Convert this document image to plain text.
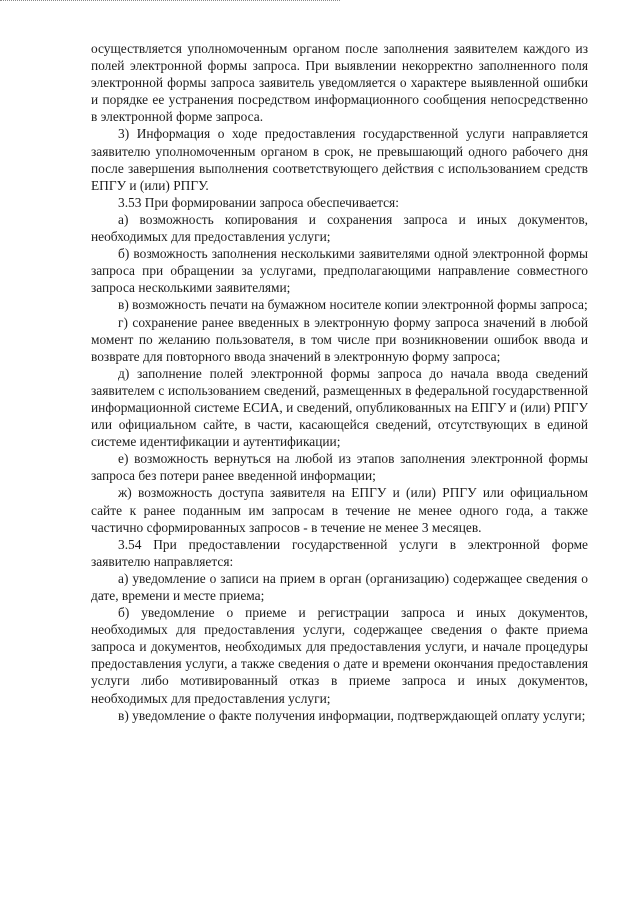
осуществляется уполномоченным органом после заполнения заявителем каждого из полей электронной формы запроса. При выявлении некорректно заполненного поля электронной формы запроса заявитель уведомляется о характере выявленной ошибки и порядке ее устранения посредством информационного сообщения непосредственно в электронной форме запроса.

3) Информация о ходе предоставления государственной услуги направляется заявителю уполномоченным органом в срок, не превышающий одного рабочего дня после завершения выполнения соответствующего действия с использованием средств ЕПГУ и (или) РПГУ.

3.53 При формировании запроса обеспечивается:

а) возможность копирования и сохранения запроса и иных документов, необходимых для предоставления услуги;

б) возможность заполнения несколькими заявителями одной электронной формы запроса при обращении за услугами, предполагающими направление совместного запроса несколькими заявителями;

в) возможность печати на бумажном носителе копии электронной формы запроса;

г) сохранение ранее введенных в электронную форму запроса значений в любой момент по желанию пользователя, в том числе при возникновении ошибок ввода и возврате для повторного ввода значений в электронную форму запроса;

д) заполнение полей электронной формы запроса до начала ввода сведений заявителем с использованием сведений, размещенных в федеральной государственной информационной системе ЕСИА, и сведений, опубликованных на ЕПГУ и (или) РПГУ или официальном сайте, в части, касающейся сведений, отсутствующих в единой системе идентификации и аутентификации;

е) возможность вернуться на любой из этапов заполнения электронной формы запроса без потери ранее введенной информации;

ж) возможность доступа заявителя на ЕПГУ и (или) РПГУ или официальном сайте к ранее поданным им запросам в течение не менее одного года, а также частично сформированных запросов - в течение не менее 3 месяцев.

3.54 При предоставлении государственной услуги в электронной форме заявителю направляется:

а) уведомление о записи на прием в орган (организацию) содержащее сведения о дате, времени и месте приема;

б) уведомление о приеме и регистрации запроса и иных документов, необходимых для предоставления услуги, содержащее сведения о факте приема запроса и документов, необходимых для предоставления услуги, и начале процедуры предоставления услуги, а также сведения о дате и времени окончания предоставления услуги либо мотивированный отказ в приеме запроса и иных документов, необходимых для предоставления услуги;

в) уведомление о факте получения информации, подтверждающей оплату услуги;
